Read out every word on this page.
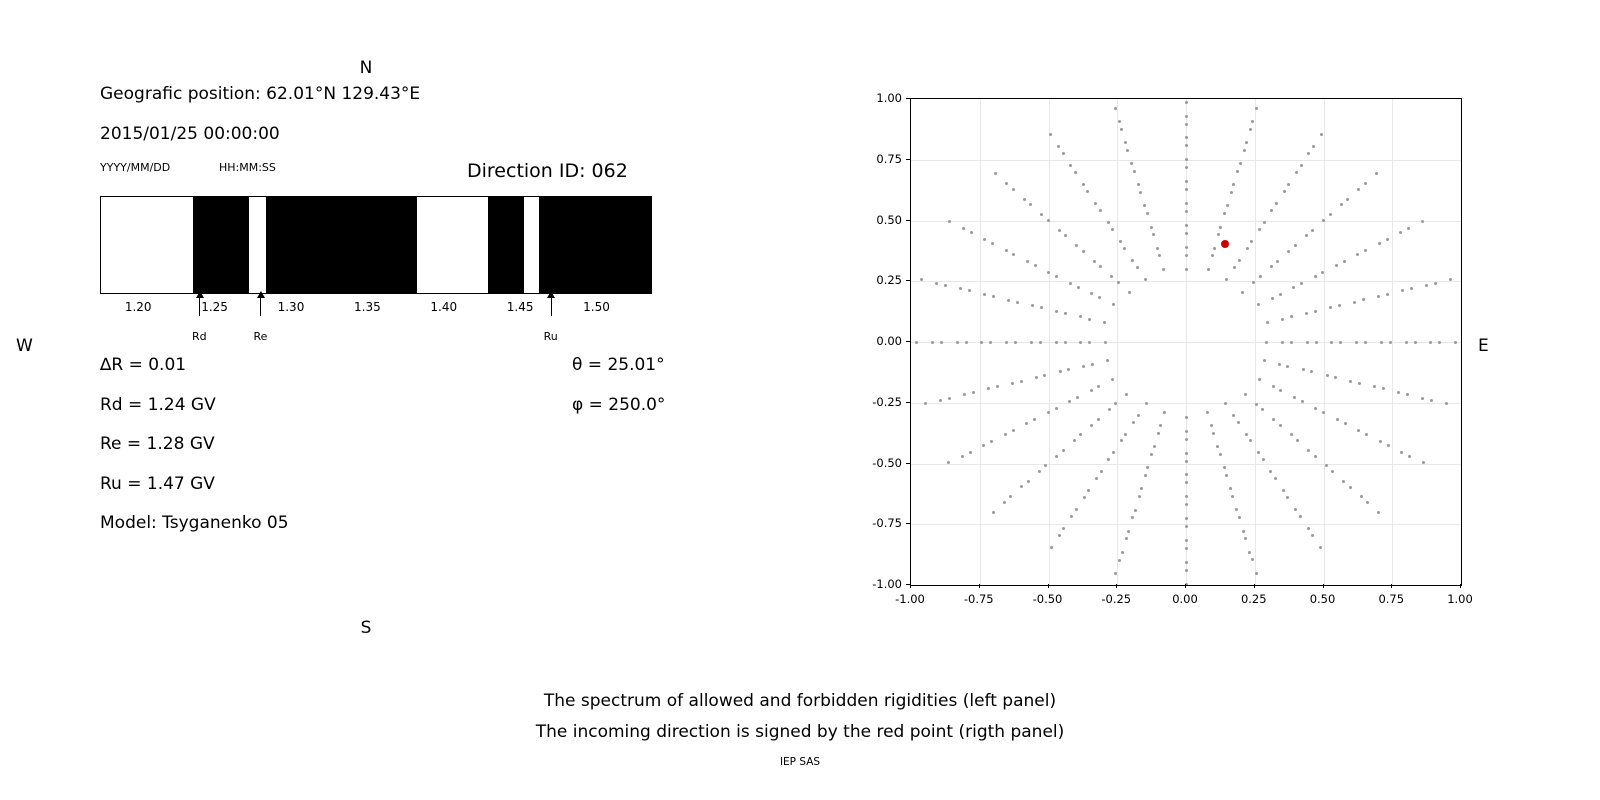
Geografic position: 62.01°N 129.43°E
2015/01/25 00:00:00
YYYY/MM/DD	HH:MM:SS	Direction ID: 062
1.20	1.25	1.30	1.35	1.40	1.45	1.50
Rd	Re	Ru
∆R = 0.01
Rd = 1.24 GV
Re = 1.28 GV
Ru = 1.47 GV
Model: Tsyganenko 05
θ = 25.01°
φ = 250.0°
-1.00	-0.75	-0.50	-0.25	0.00	0.25	0.50	0.75	1.00
-1.00
-0.75
-0.50
-0.25
0.00
0.25
0.50
0.75
1.00
N
S
W	E
The spectrum of allowed and forbidden rigidities (left panel)
The incoming direction is signed by the red point (rigth panel)
IEP SAS
